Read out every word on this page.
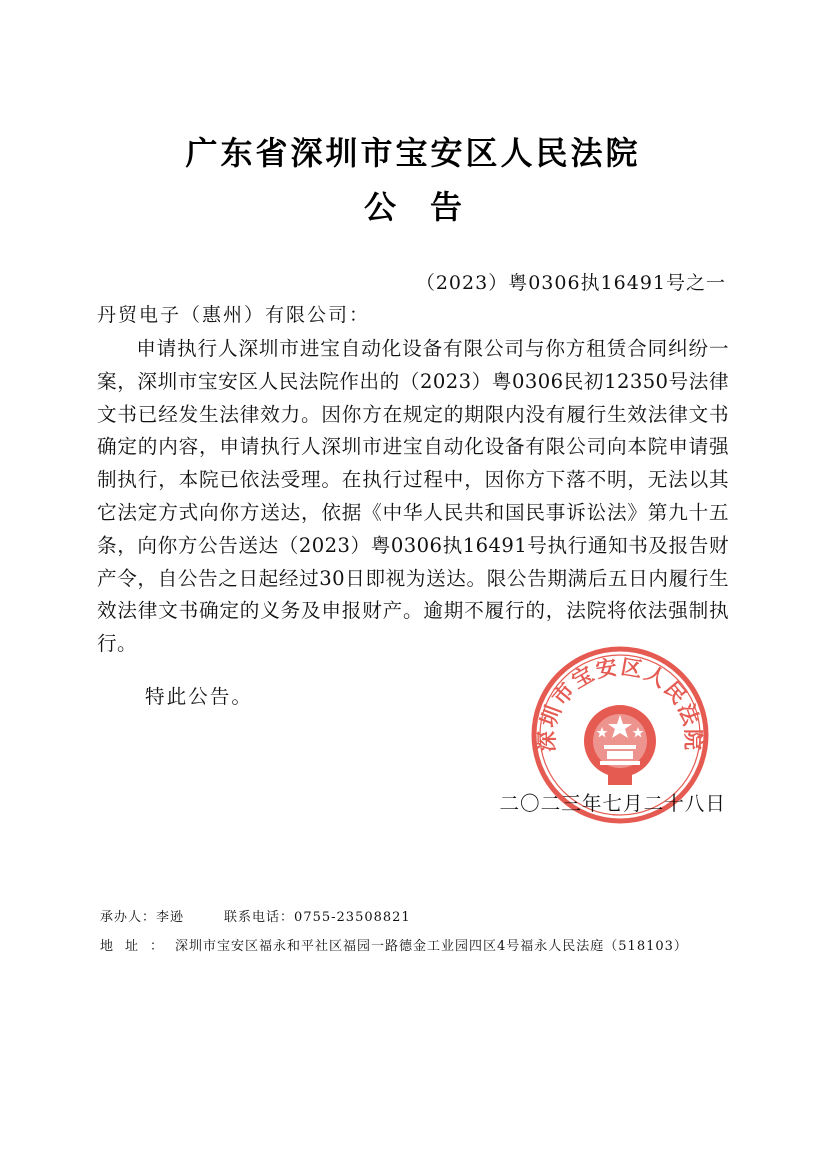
广东省深圳市宝安区人民法院
公告
（2023）粤0306执16491号之一
丹贸电子（惠州）有限公司：
申请执行人深圳市进宝自动化设备有限公司与你方租赁合同纠纷一案，深圳市宝安区人民法院作出的（2023）粤0306民初12350号法律文书已经发生法律效力。因你方在规定的期限内没有履行生效法律文书确定的内容，申请执行人深圳市进宝自动化设备有限公司向本院申请强制执行，本院已依法受理。在执行过程中，因你方下落不明，无法以其它法定方式向你方送达，依据《中华人民共和国民事诉讼法》第九十五条，向你方公告送达（2023）粤0306执16491号执行通知书及报告财产令，自公告之日起经过30日即视为送达。限公告期满后五日内履行生效法律文书确定的义务及申报财产。逾期不履行的，法院将依法强制执行。
特此公告。
二〇二三年七月二十八日
深圳市宝安区人民法院
承办人：李逊	联系电话：0755-23508821
地址：深圳市宝安区福永和平社区福园一路德金工业园四区4号福永人民法庭（518103）
